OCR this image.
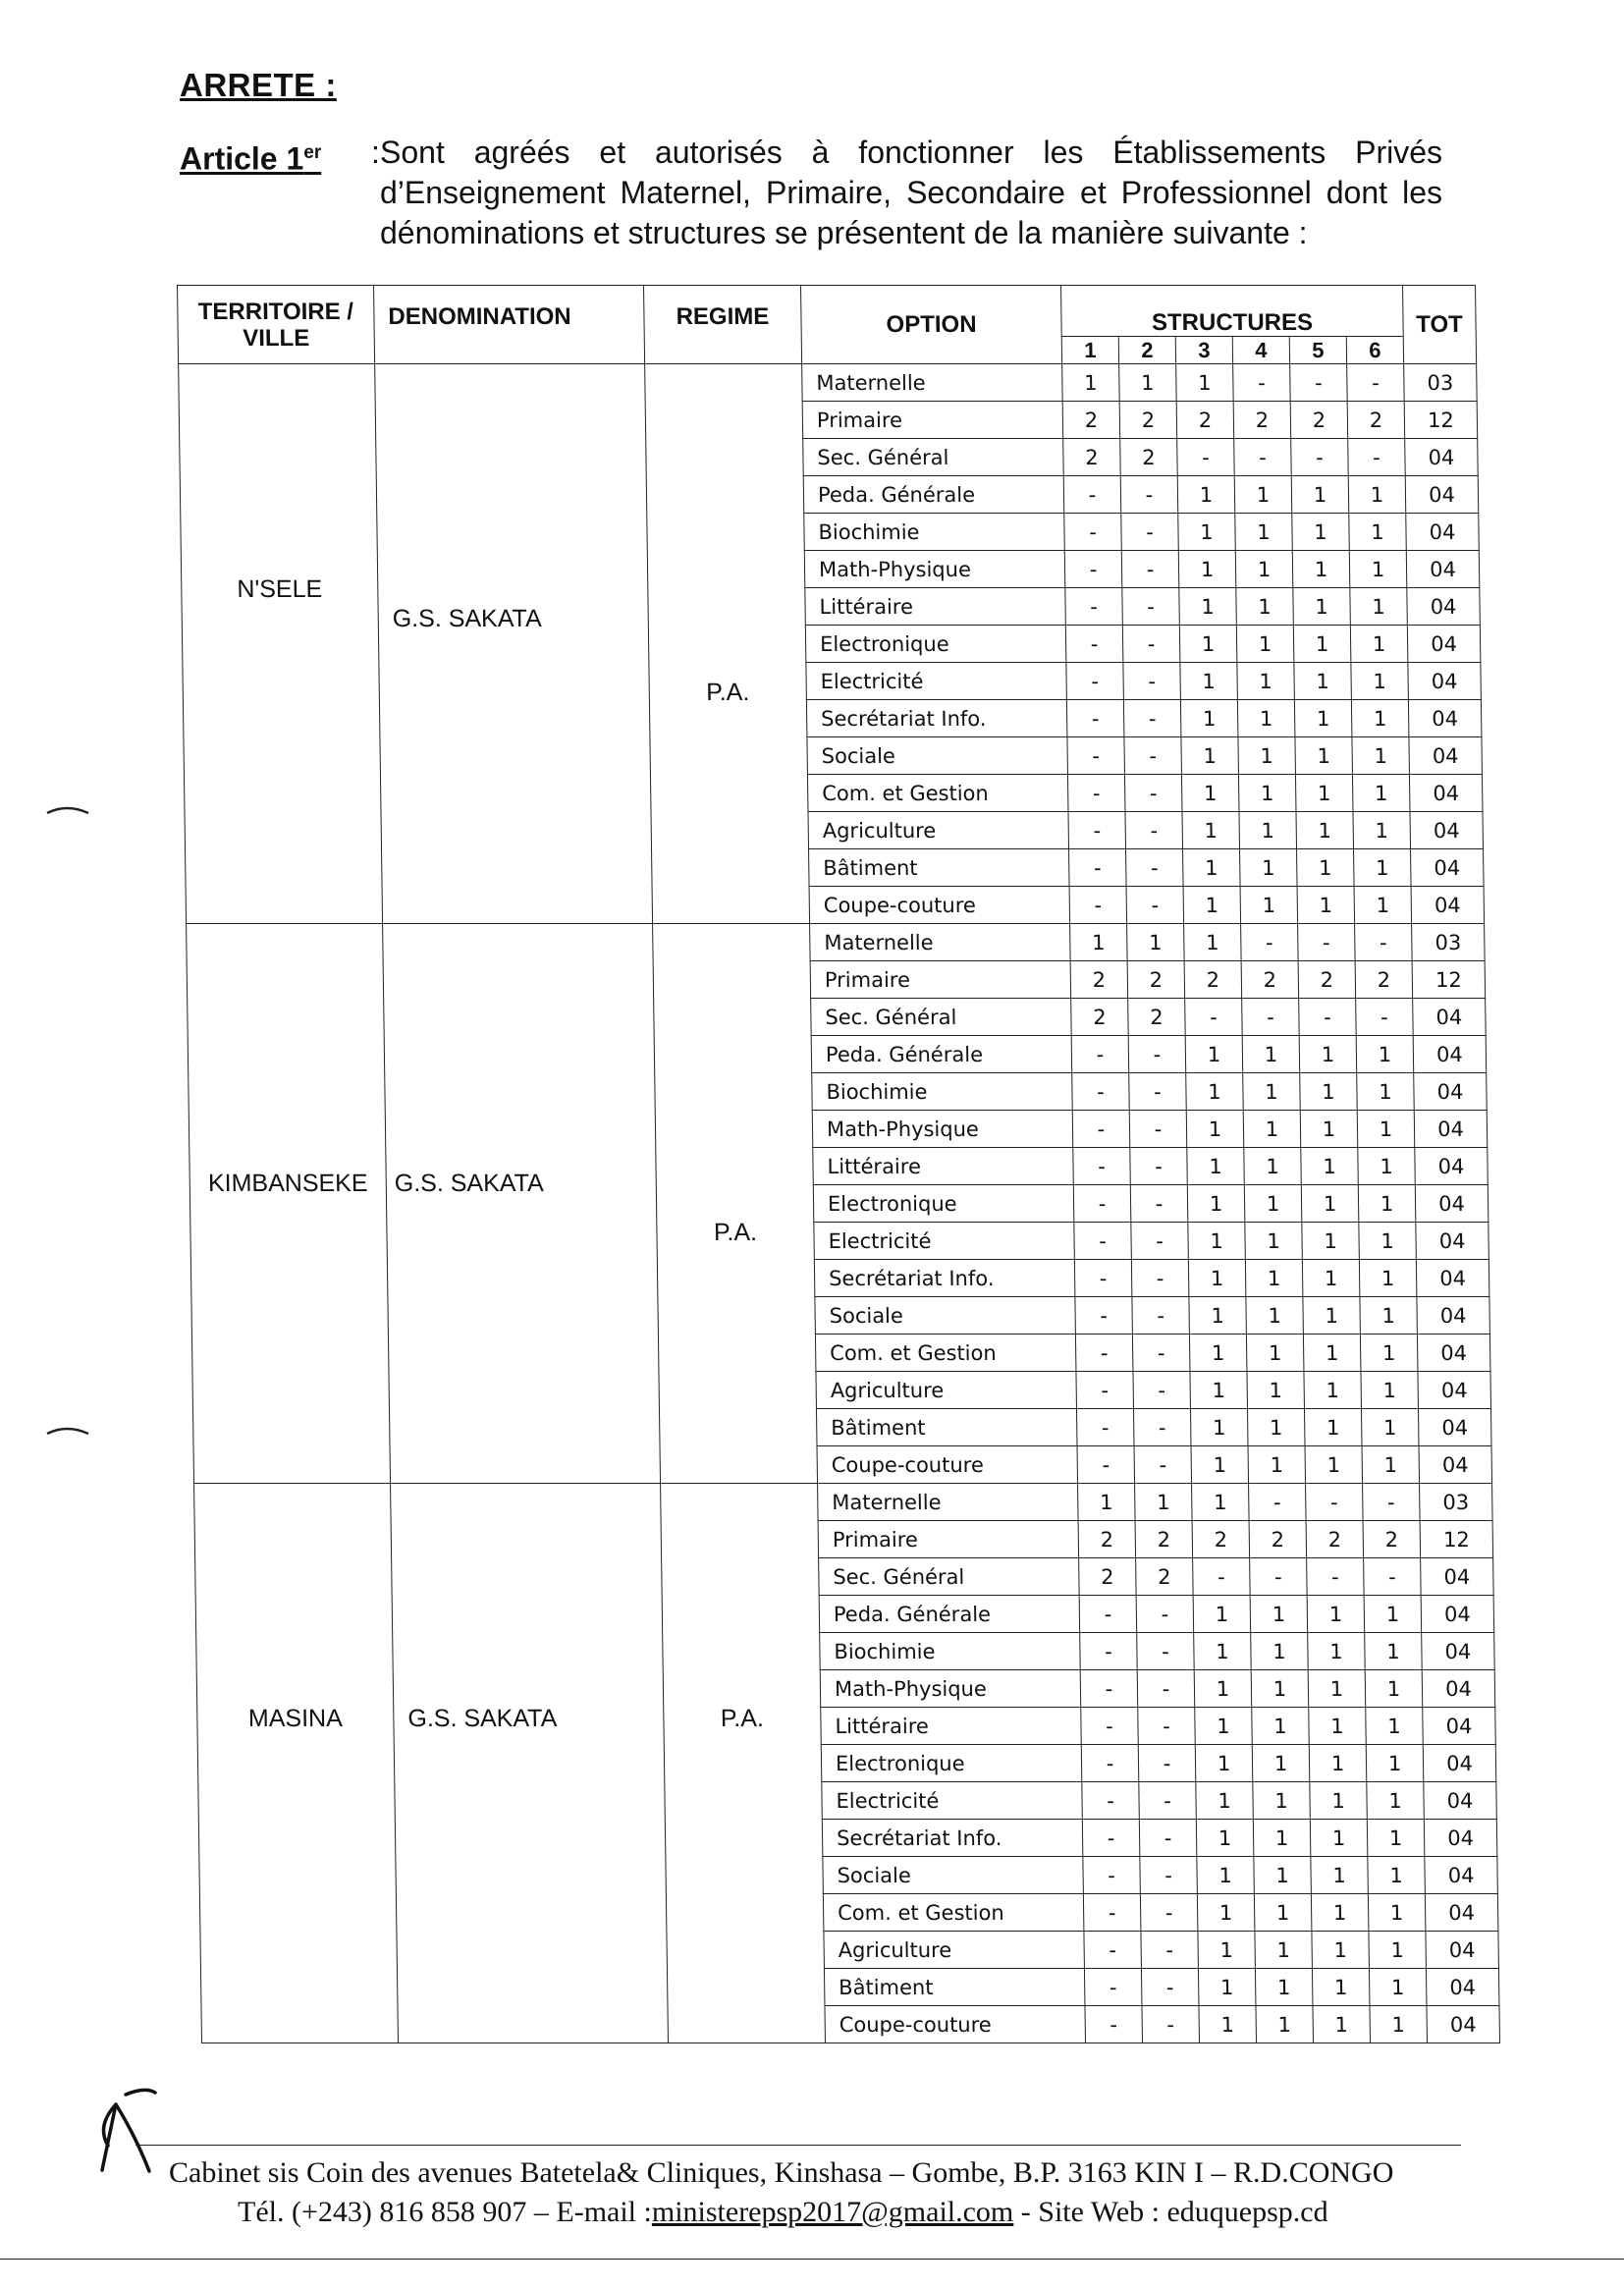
ARRETE :
Article 1er : Sont agréés et autorisés à fonctionner les Établissements Privés d’Enseignement Maternel, Primaire, Secondaire et Professionnel dont les dénominations et structures se présentent de la manière suivante :
TERRITOIRE / VILLE	DENOMINATION	REGIME	OPTION	STRUCTURES						TOT
				1	2	3	4	5	6	

N'SELE	G.S. SAKATA	P.A.	Maternelle	1	1	1	-	-	-	03
			Primaire	2	2	2	2	2	2	12
			Sec. Général	2	2	-	-	-	-	04
			Peda. Générale	-	-	1	1	1	1	04
			Biochimie	-	-	1	1	1	1	04
			Math-Physique	-	-	1	1	1	1	04
			Littéraire	-	-	1	1	1	1	04
			Electronique	-	-	1	1	1	1	04
			Electricité	-	-	1	1	1	1	04
			Secrétariat Info.	-	-	1	1	1	1	04
			Sociale	-	-	1	1	1	1	04
			Com. et Gestion	-	-	1	1	1	1	04
			Agriculture	-	-	1	1	1	1	04
			Bâtiment	-	-	1	1	1	1	04
			Coupe-couture	-	-	1	1	1	1	04

KIMBANSEKE	G.S. SAKATA	P.A.	Maternelle	1	1	1	-	-	-	03
			Primaire	2	2	2	2	2	2	12
			Sec. Général	2	2	-	-	-	-	04
			Peda. Générale	-	-	1	1	1	1	04
			Biochimie	-	-	1	1	1	1	04
			Math-Physique	-	-	1	1	1	1	04
			Littéraire	-	-	1	1	1	1	04
			Electronique	-	-	1	1	1	1	04
			Electricité	-	-	1	1	1	1	04
			Secrétariat Info.	-	-	1	1	1	1	04
			Sociale	-	-	1	1	1	1	04
			Com. et Gestion	-	-	1	1	1	1	04
			Agriculture	-	-	1	1	1	1	04
			Bâtiment	-	-	1	1	1	1	04
			Coupe-couture	-	-	1	1	1	1	04

MASINA	G.S. SAKATA	P.A.	Maternelle	1	1	1	-	-	-	03
			Primaire	2	2	2	2	2	2	12
			Sec. Général	2	2	-	-	-	-	04
			Peda. Générale	-	-	1	1	1	1	04
			Biochimie	-	-	1	1	1	1	04
			Math-Physique	-	-	1	1	1	1	04
			Littéraire	-	-	1	1	1	1	04
			Electronique	-	-	1	1	1	1	04
			Electricité	-	-	1	1	1	1	04
			Secrétariat Info.	-	-	1	1	1	1	04
			Sociale	-	-	1	1	1	1	04
			Com. et Gestion	-	-	1	1	1	1	04
			Agriculture	-	-	1	1	1	1	04
			Bâtiment	-	-	1	1	1	1	04
			Coupe-couture	-	-	1	1	1	1	04
Cabinet sis Coin des avenues Batetela& Cliniques, Kinshasa – Gombe, B.P. 3163 KIN I – R.D.CONGO
Tél. (+243) 816 858 907 – E-mail :ministerepsp2017@gmail.com - Site Web : eduquepsp.cd
